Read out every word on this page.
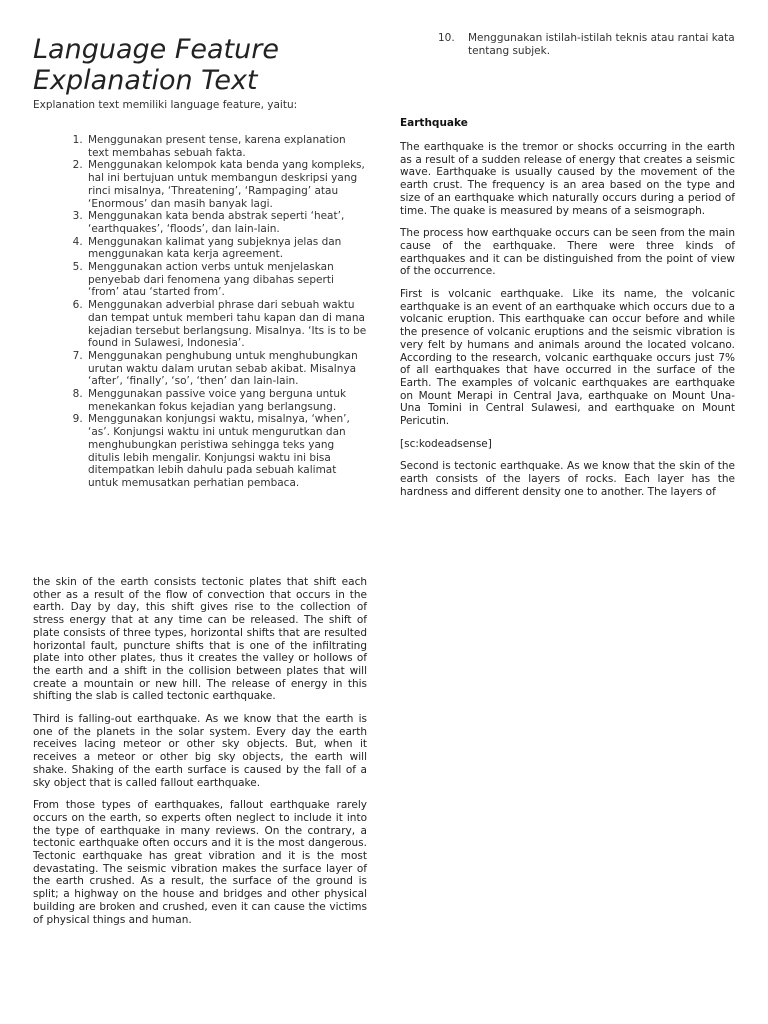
Language Feature
Explanation Text

Explanation text memiliki language feature, yaitu:

1. Menggunakan present tense, karena explanation text membahas sebuah fakta.
2. Menggunakan kelompok kata benda yang kompleks, hal ini bertujuan untuk membangun deskripsi yang rinci misalnya, ‘Threatening’, ‘Rampaging’ atau ‘Enormous’ dan masih banyak lagi.
3. Menggunakan kata benda abstrak seperti ‘heat’, ‘earthquakes’, ‘floods’, dan lain-lain.
4. Menggunakan kalimat yang subjeknya jelas dan menggunakan kata kerja agreement.
5. Menggunakan action verbs untuk menjelaskan penyebab dari fenomena yang dibahas seperti ‘from’ atau ‘started from’.
6. Menggunakan adverbial phrase dari sebuah waktu dan tempat untuk memberi tahu kapan dan di mana kejadian tersebut berlangsung. Misalnya. ‘Its is to be found in Sulawesi, Indonesia’.
7. Menggunakan penghubung untuk menghubungkan urutan waktu dalam urutan sebab akibat. Misalnya ‘after’, ‘finally’, ‘so’, ‘then’ dan lain-lain.
8. Menggunakan passive voice yang berguna untuk menekankan fokus kejadian yang berlangsung.
9. Menggunakan konjungsi waktu, misalnya, ‘when’, ‘as’. Konjungsi waktu ini untuk mengurutkan dan menghubungkan peristiwa sehingga teks yang ditulis lebih mengalir. Konjungsi waktu ini bisa ditempatkan lebih dahulu pada sebuah kalimat untuk memusatkan perhatian pembaca.
10.	Menggunakan istilah-istilah teknis atau rantai kata tentang subjek.
Earthquake

The earthquake is the tremor or shocks occurring in the earth as a result of a sudden release of energy that creates a seismic wave. Earthquake is usually caused by the movement of the earth crust. The frequency is an area based on the type and size of an earthquake which naturally occurs during a period of time. The quake is measured by means of a seismograph.

The process how earthquake occurs can be seen from the main cause of the earthquake. There were three kinds of earthquakes and it can be distinguished from the point of view of the occurrence.

First is volcanic earthquake. Like its name, the volcanic earthquake is an event of an earthquake which occurs due to a volcanic eruption. This earthquake can occur before and while the presence of volcanic eruptions and the seismic vibration is very felt by humans and animals around the located volcano. According to the research, volcanic earthquake occurs just 7% of all earthquakes that have occurred in the surface of the Earth. The examples of volcanic earthquakes are earthquake on Mount Merapi in Central Java, earthquake on Mount Una-Una Tomini in Central Sulawesi, and earthquake on Mount Pericutin.

[sc:kodeadsense]

Second is tectonic earthquake. As we know that the skin of the earth consists of the layers of rocks. Each layer has the hardness and different density one to another. The layers of

the skin of the earth consists tectonic plates that shift each other as a result of the flow of convection that occurs in the earth. Day by day, this shift gives rise to the collection of stress energy that at any time can be released. The shift of plate consists of three types, horizontal shifts that are resulted horizontal fault, puncture shifts that is one of the infiltrating plate into other plates, thus it creates the valley or hollows of the earth and a shift in the collision between plates that will create a mountain or new hill. The release of energy in this shifting the slab is called tectonic earthquake.

Third is falling-out earthquake. As we know that the earth is one of the planets in the solar system. Every day the earth receives lacing meteor or other sky objects. But, when it receives a meteor or other big sky objects, the earth will shake. Shaking of the earth surface is caused by the fall of a sky object that is called fallout earthquake.

From those types of earthquakes, fallout earthquake rarely occurs on the earth, so experts often neglect to include it into the type of earthquake in many reviews. On the contrary, a tectonic earthquake often occurs and it is the most dangerous. Tectonic earthquake has great vibration and it is the most devastating. The seismic vibration makes the surface layer of the earth crushed. As a result, the surface of the ground is split; a highway on the house and bridges and other physical building are broken and crushed, even it can cause the victims of physical things and human.
